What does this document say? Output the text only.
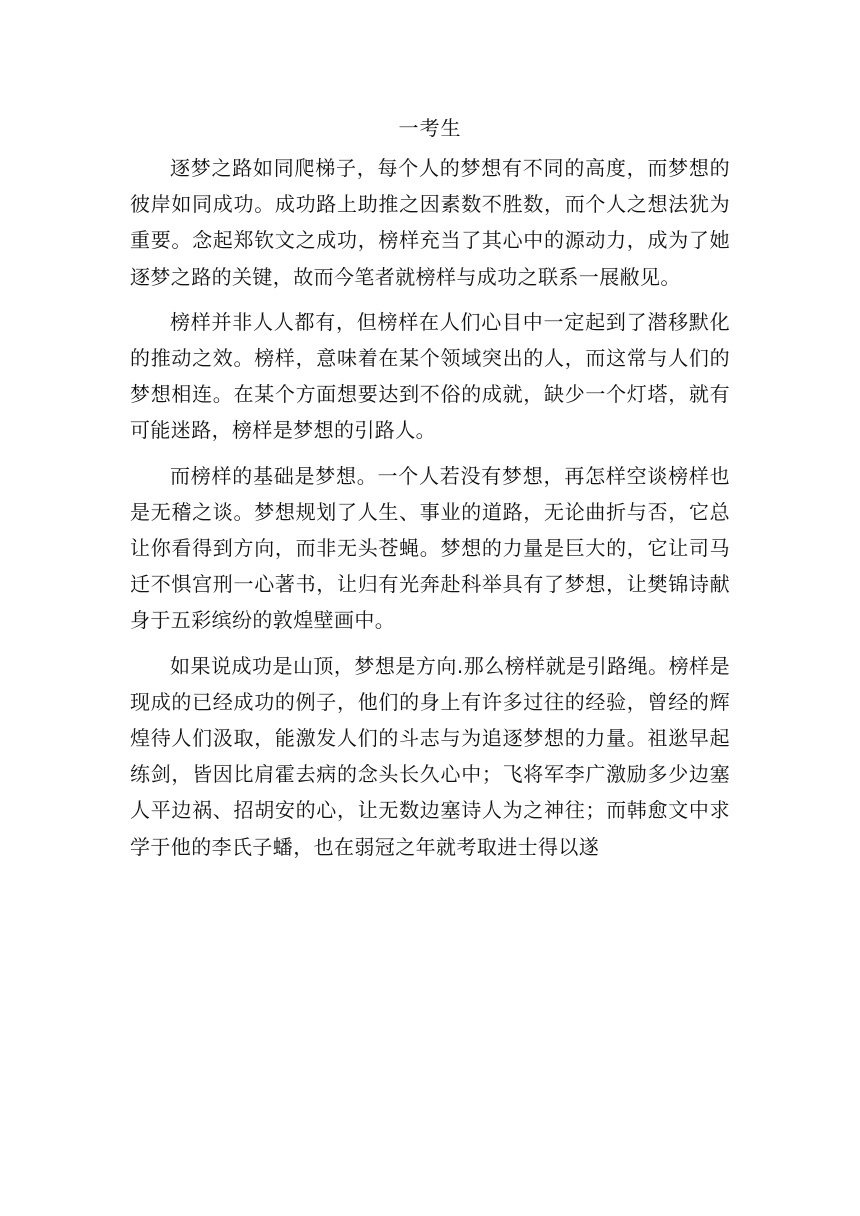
一考生

逐梦之路如同爬梯子，每个人的梦想有不同的高度，而梦想的彼岸如同成功。成功路上助推之因素数不胜数，而个人之想法犹为重要。念起郑钦文之成功，榜样充当了其心中的源动力，成为了她逐梦之路的关键，故而今笔者就榜样与成功之联系一展敝见。

榜样并非人人都有，但榜样在人们心目中一定起到了潜移默化的推动之效。榜样，意味着在某个领域突出的人，而这常与人们的梦想相连。在某个方面想要达到不俗的成就，缺少一个灯塔，就有可能迷路，榜样是梦想的引路人。

而榜样的基础是梦想。一个人若没有梦想，再怎样空谈榜样也是无稽之谈。梦想规划了人生、事业的道路，无论曲折与否，它总让你看得到方向，而非无头苍蝇。梦想的力量是巨大的，它让司马迁不惧宫刑一心著书，让归有光奔赴科举具有了梦想，让樊锦诗献身于五彩缤纷的敦煌壁画中。

如果说成功是山顶，梦想是方向.那么榜样就是引路绳。榜样是现成的已经成功的例子，他们的身上有许多过往的经验，曾经的辉煌待人们汲取，能激发人们的斗志与为追逐梦想的力量。祖逖早起练剑，皆因比肩霍去病的念头长久心中；飞将军李广激励多少边塞人平边祸、招胡安的心，让无数边塞诗人为之神往；而韩愈文中求学于他的李氏子蟠，也在弱冠之年就考取进士得以遂
